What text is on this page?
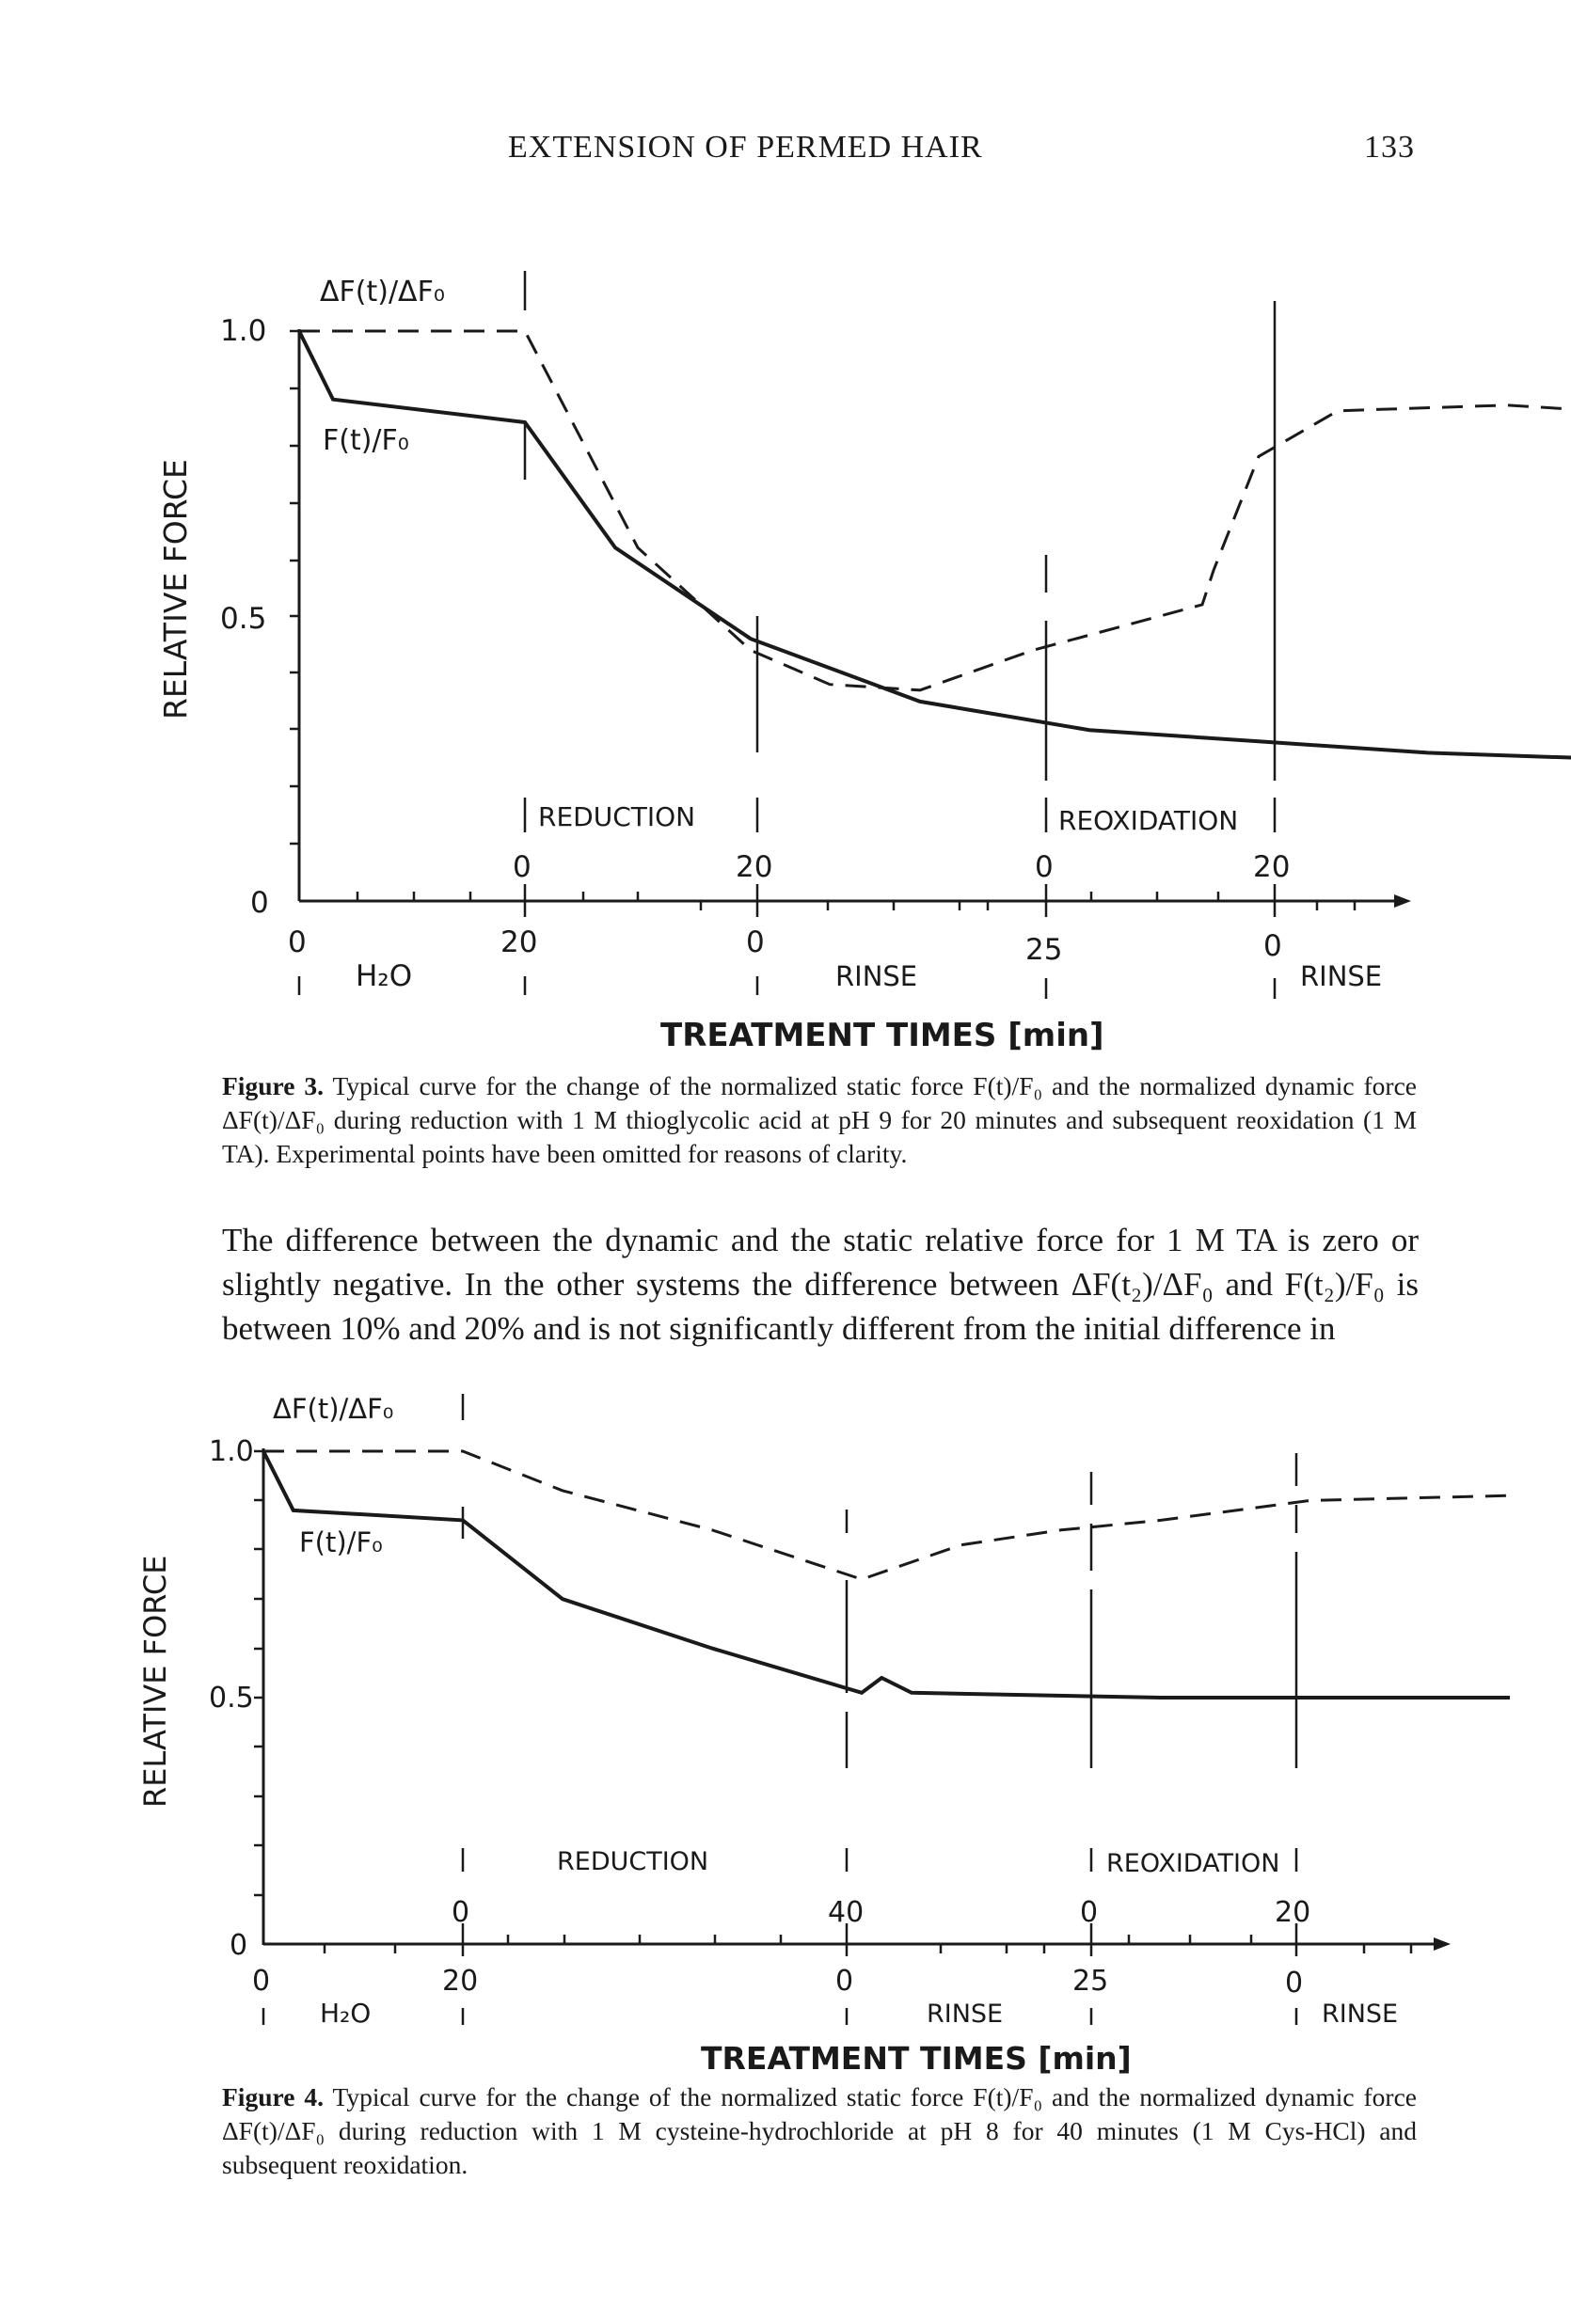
EXTENSION OF PERMED HAIR	133
1.0
0.5
0
RELATIVE FORCE
ΔF(t)/ΔF₀
F(t)/F₀
REDUCTION	REOXIDATION
0	20	0	20
0
H₂O
20	0
RINSE
25	0
RINSE
TREATMENT TIMES [min]
Figure 3. Typical curve for the change of the normalized static force F(t)/F₀ and the normalized dynamic force ΔF(t)/ΔF₀ during reduction with 1 M thioglycolic acid at pH 9 for 20 minutes and subsequent reoxidation (1 M TA). Experimental points have been omitted for reasons of clarity.
The difference between the dynamic and the static relative force for 1 M TA is zero or slightly negative. In the other systems the difference between ΔF(t₂)/ΔF₀ and F(t₂)/F₀ is between 10% and 20% and is not significantly different from the initial difference in
1.0
0.5
0
RELATIVE FORCE
ΔF(t)/ΔF₀
F(t)/F₀
REDUCTION	REOXIDATION
0	40	0	20
0
H₂O
20	0
RINSE
25	0
RINSE
TREATMENT TIMES [min]
Figure 4. Typical curve for the change of the normalized static force F(t)/F₀ and the normalized dynamic force ΔF(t)/ΔF₀ during reduction with 1 M cysteine-hydrochloride at pH 8 for 40 minutes (1 M Cys-HCl) and subsequent reoxidation.
